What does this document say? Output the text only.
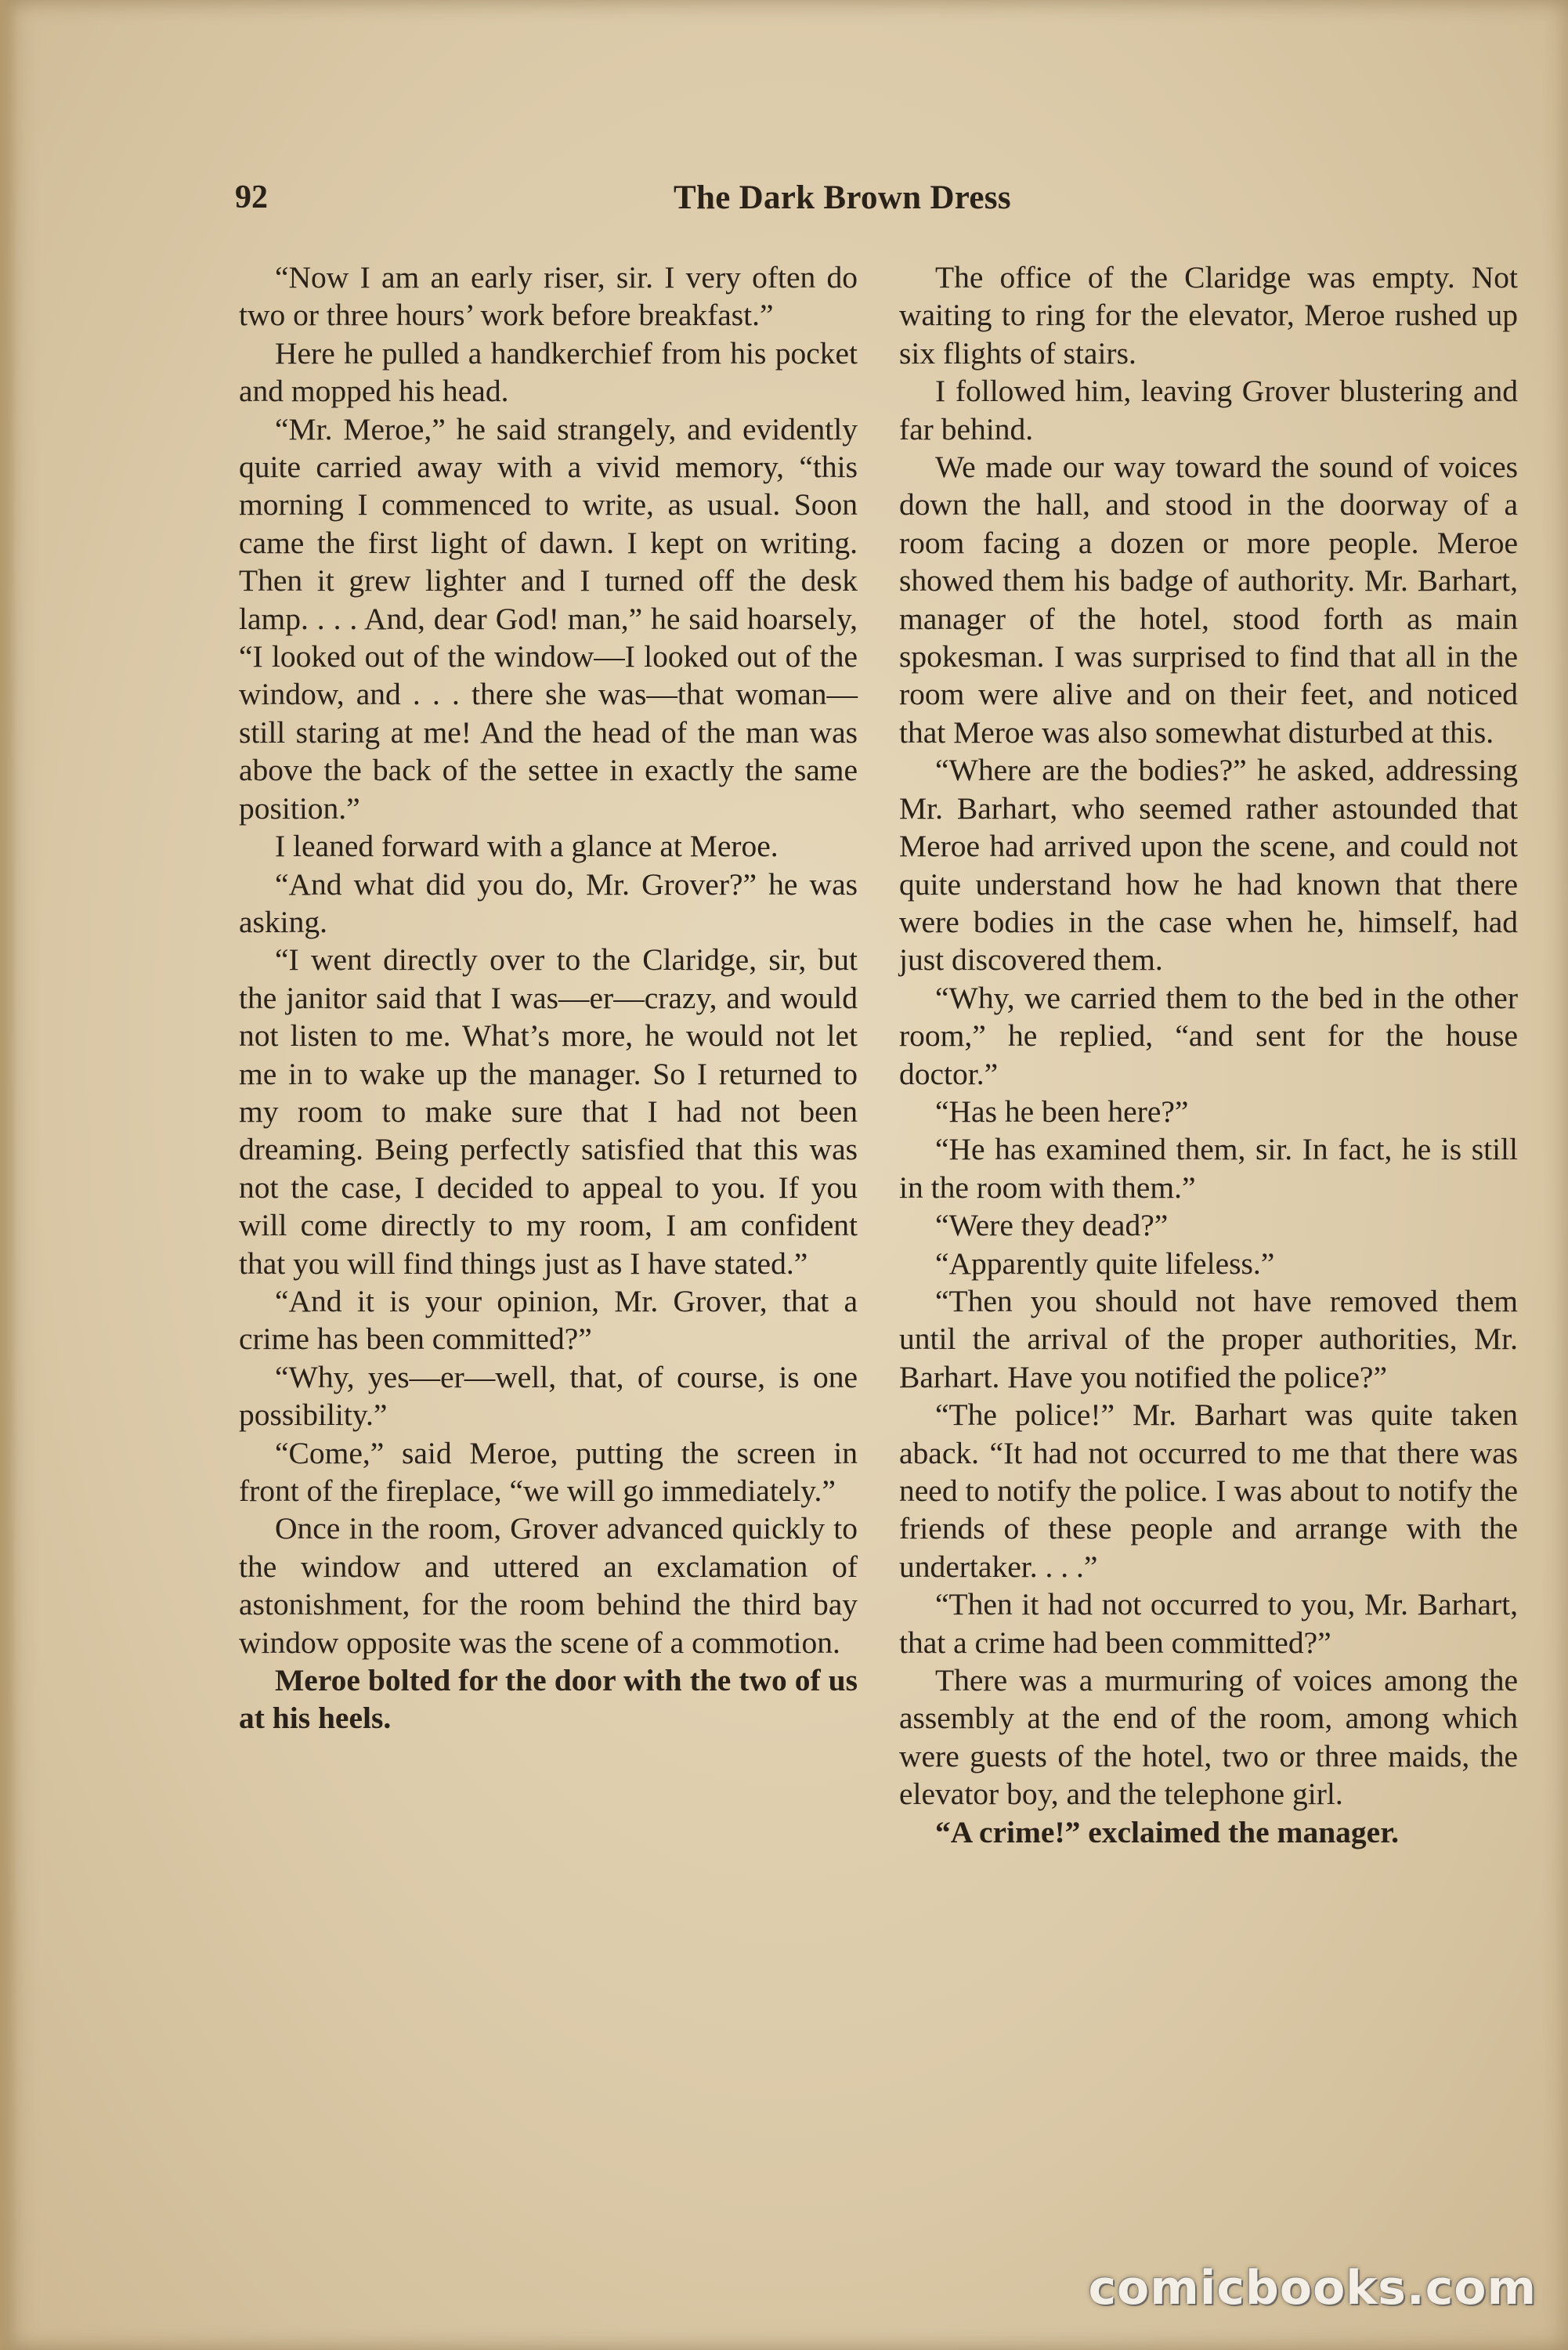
92	The Dark Brown Dress

“Now I am an early riser, sir. I very often do two or three hours’ work before breakfast.”

Here he pulled a handkerchief from his pocket and mopped his head.

“Mr. Meroe,” he said strangely, and evidently quite carried away with a vivid memory, “this morning I commenced to write, as usual. Soon came the first light of dawn. I kept on writing. Then it grew lighter and I turned off the desk lamp. . . . And, dear God! man,” he said hoarsely, “I looked out of the window—I looked out of the window, and . . . there she was—that woman—still staring at me! And the head of the man was above the back of the settee in exactly the same position.”

I leaned forward with a glance at Meroe.

“And what did you do, Mr. Grover?” he was asking.

“I went directly over to the Claridge, sir, but the janitor said that I was—er—crazy, and would not listen to me. What’s more, he would not let me in to wake up the manager. So I returned to my room to make sure that I had not been dreaming. Being perfectly satisfied that this was not the case, I decided to appeal to you. If you will come directly to my room, I am confident that you will find things just as I have stated.”

“And it is your opinion, Mr. Grover, that a crime has been committed?”

“Why, yes—er—well, that, of course, is one possibility.”

“Come,” said Meroe, putting the screen in front of the fireplace, “we will go immediately.”

Once in the room, Grover advanced quickly to the window and uttered an exclamation of astonishment, for the room behind the third bay window opposite was the scene of a commotion.

Meroe bolted for the door with the two of us at his heels.

The office of the Claridge was empty. Not waiting to ring for the elevator, Meroe rushed up six flights of stairs.

I followed him, leaving Grover blustering and far behind.

We made our way toward the sound of voices down the hall, and stood in the doorway of a room facing a dozen or more people. Meroe showed them his badge of authority. Mr. Barhart, manager of the hotel, stood forth as main spokesman. I was surprised to find that all in the room were alive and on their feet, and noticed that Meroe was also somewhat disturbed at this.

“Where are the bodies?” he asked, addressing Mr. Barhart, who seemed rather astounded that Meroe had arrived upon the scene, and could not quite understand how he had known that there were bodies in the case when he, himself, had just discovered them.

“Why, we carried them to the bed in the other room,” he replied, “and sent for the house doctor.”

“Has he been here?”

“He has examined them, sir. In fact, he is still in the room with them.”

“Were they dead?”

“Apparently quite lifeless.”

“Then you should not have removed them until the arrival of the proper authorities, Mr. Barhart. Have you notified the police?”

“The police!” Mr. Barhart was quite taken aback. “It had not occurred to me that there was need to notify the police. I was about to notify the friends of these people and arrange with the undertaker. . . .”

“Then it had not occurred to you, Mr. Barhart, that a crime had been committed?”

There was a murmuring of voices among the assembly at the end of the room, among which were guests of the hotel, two or three maids, the elevator boy, and the telephone girl.

“A crime!” exclaimed the manager.

comicbooks.com
